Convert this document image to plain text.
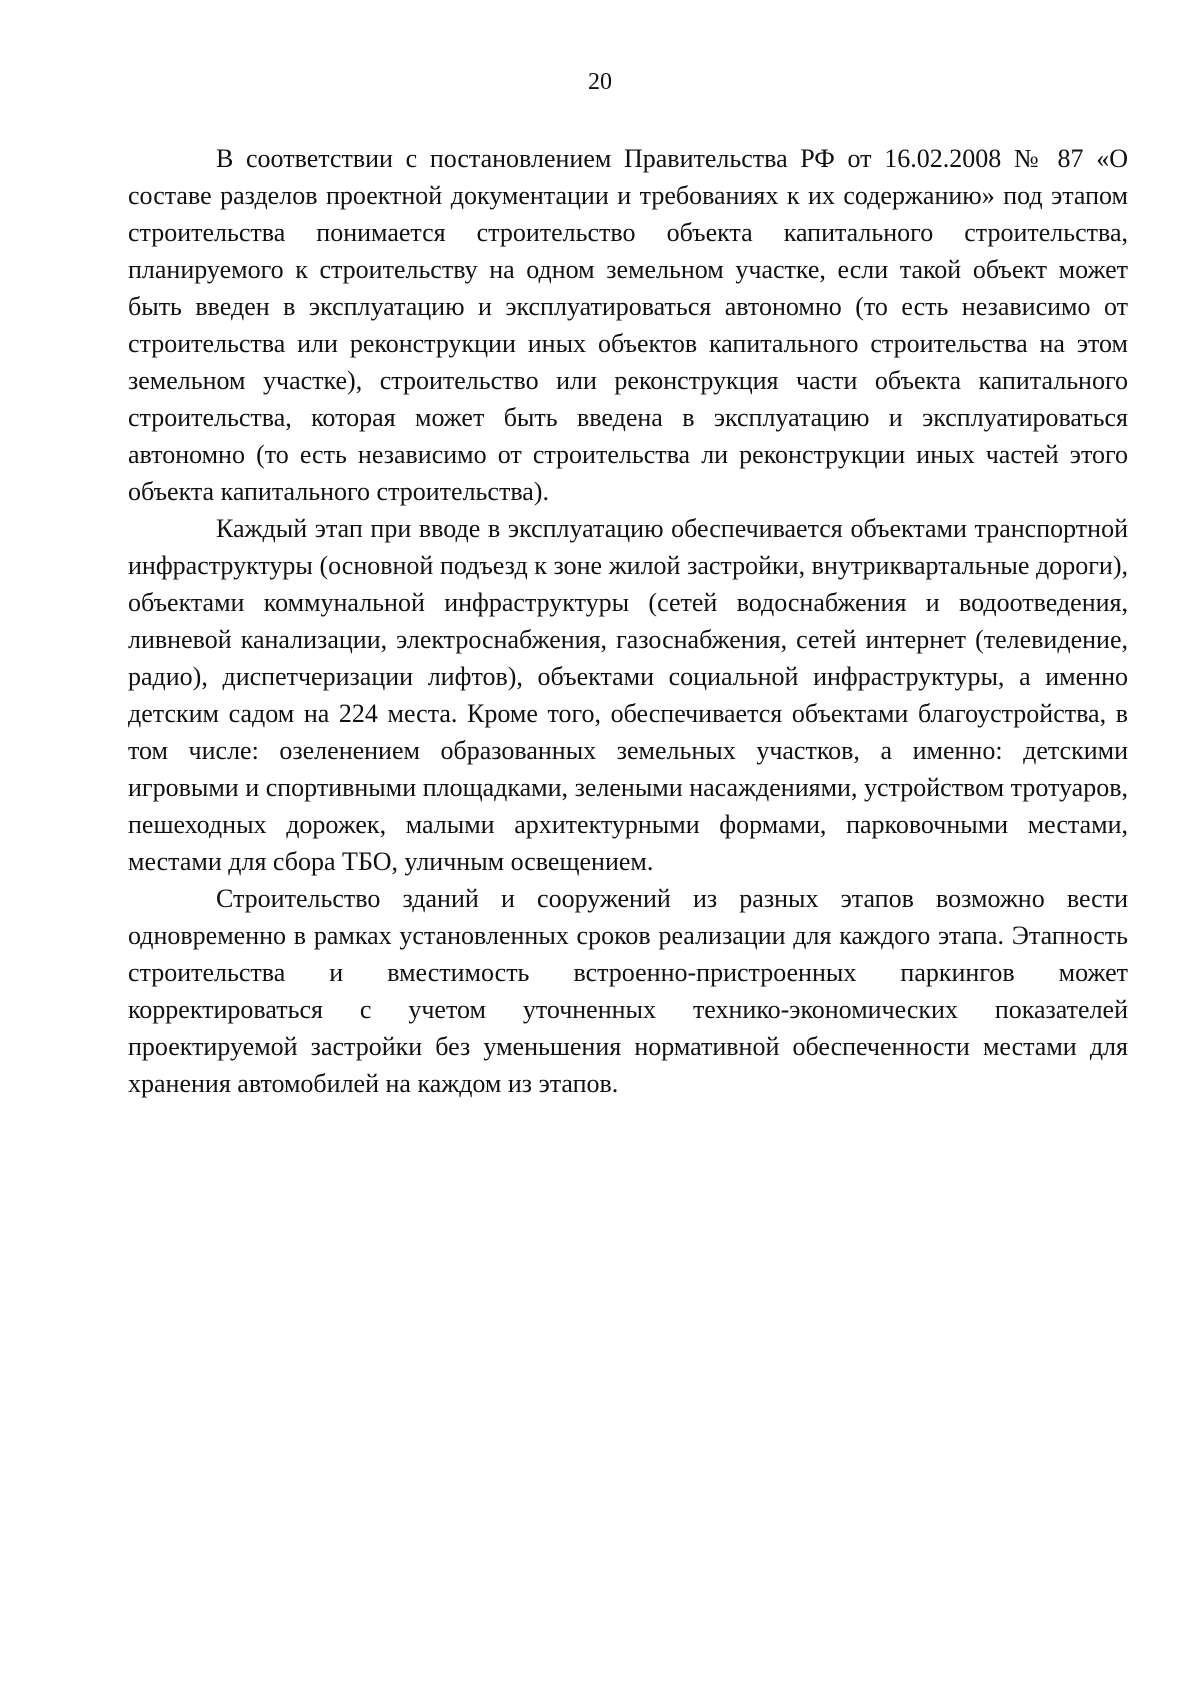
20

В соответствии с постановлением Правительства РФ от 16.02.2008 № 87 «О составе разделов проектной документации и требованиях к их содержанию» под этапом строительства понимается строительство объекта капитального строительства, планируемого к строительству на одном земельном участке, если такой объект может быть введен в эксплуатацию и эксплуатироваться автономно (то есть независимо от строительства или реконструкции иных объектов капитального строительства на этом земельном участке), строительство или реконструкция части объекта капитального строительства, которая может быть введена в эксплуатацию и эксплуатироваться автономно (то есть независимо от строительства ли реконструкции иных частей этого объекта капитального строительства).

Каждый этап при вводе в эксплуатацию обеспечивается объектами транспортной инфраструктуры (основной подъезд к зоне жилой застройки, внутриквартальные дороги), объектами коммунальной инфраструктуры (сетей водоснабжения и водоотведения, ливневой канализации, электроснабжения, газоснабжения, сетей интернет (телевидение, радио), диспетчеризации лифтов), объектами социальной инфраструктуры, а именно детским садом на 224 места. Кроме того, обеспечивается объектами благоустройства, в том числе: озеленением образованных земельных участков, а именно: детскими игровыми и спортивными площадками, зелеными насаждениями, устройством тротуаров, пешеходных дорожек, малыми архитектурными формами, парковочными местами, местами для сбора ТБО, уличным освещением.

Строительство зданий и сооружений из разных этапов возможно вести одновременно в рамках установленных сроков реализации для каждого этапа. Этапность строительства и вместимость встроенно-пристроенных паркингов может корректироваться с учетом уточненных технико-экономических показателей проектируемой застройки без уменьшения нормативной обеспеченности местами для хранения автомобилей на каждом из этапов.
